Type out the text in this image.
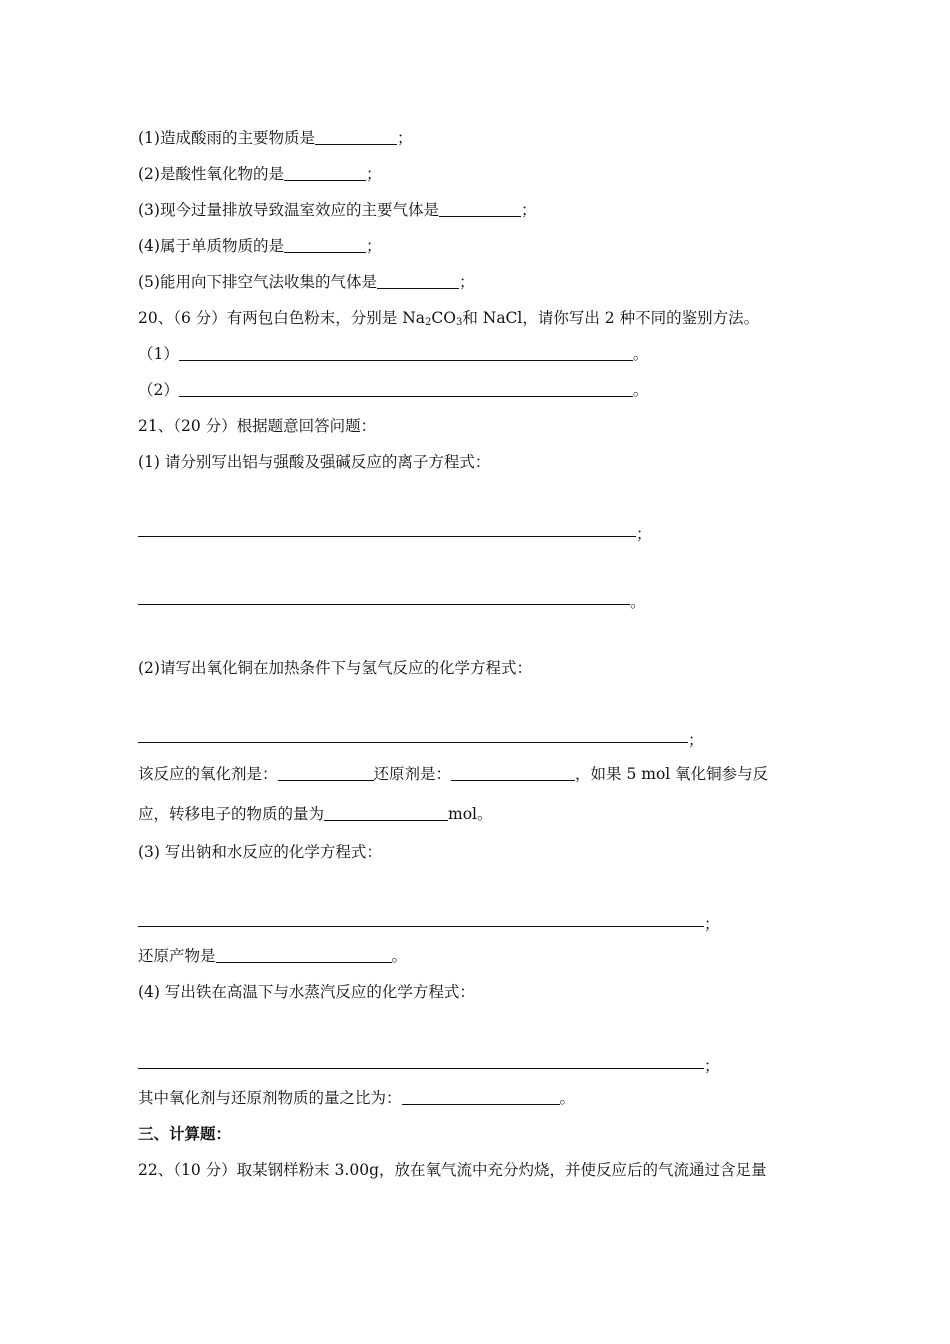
(1)造成酸雨的主要物质是	；
(2)是酸性氧化物的是	；
(3)现今过量排放导致温室效应的主要气体是	；
(4)属于单质物质的是	；
(5)能用向下排空气法收集的气体是	；
20、（6 分）有两包白色粉末，分别是 $Na_2CO_3$和 NaCl，请你写出 2 种不同的鉴别方法。
（1）	。
（2）	。
21、（20 分）根据题意回答问题：
(1) 请分别写出铝与强酸及强碱反应的离子方程式：
；
。
(2)请写出氧化铜在加热条件下与氢气反应的化学方程式：
；
该反应的氧化剂是：	还原剂是：	，如果 5 mol 氧化铜参与反
应，转移电子的物质的量为	mol。
(3) 写出钠和水反应的化学方程式：
；
还原产物是	。
(4) 写出铁在高温下与水蒸汽反应的化学方程式：
；
其中氧化剂与还原剂物质的量之比为：	。
三、计算题：
22、（10 分）取某钢样粉末 3.00g，放在氧气流中充分灼烧，并使反应后的气流通过含足量
